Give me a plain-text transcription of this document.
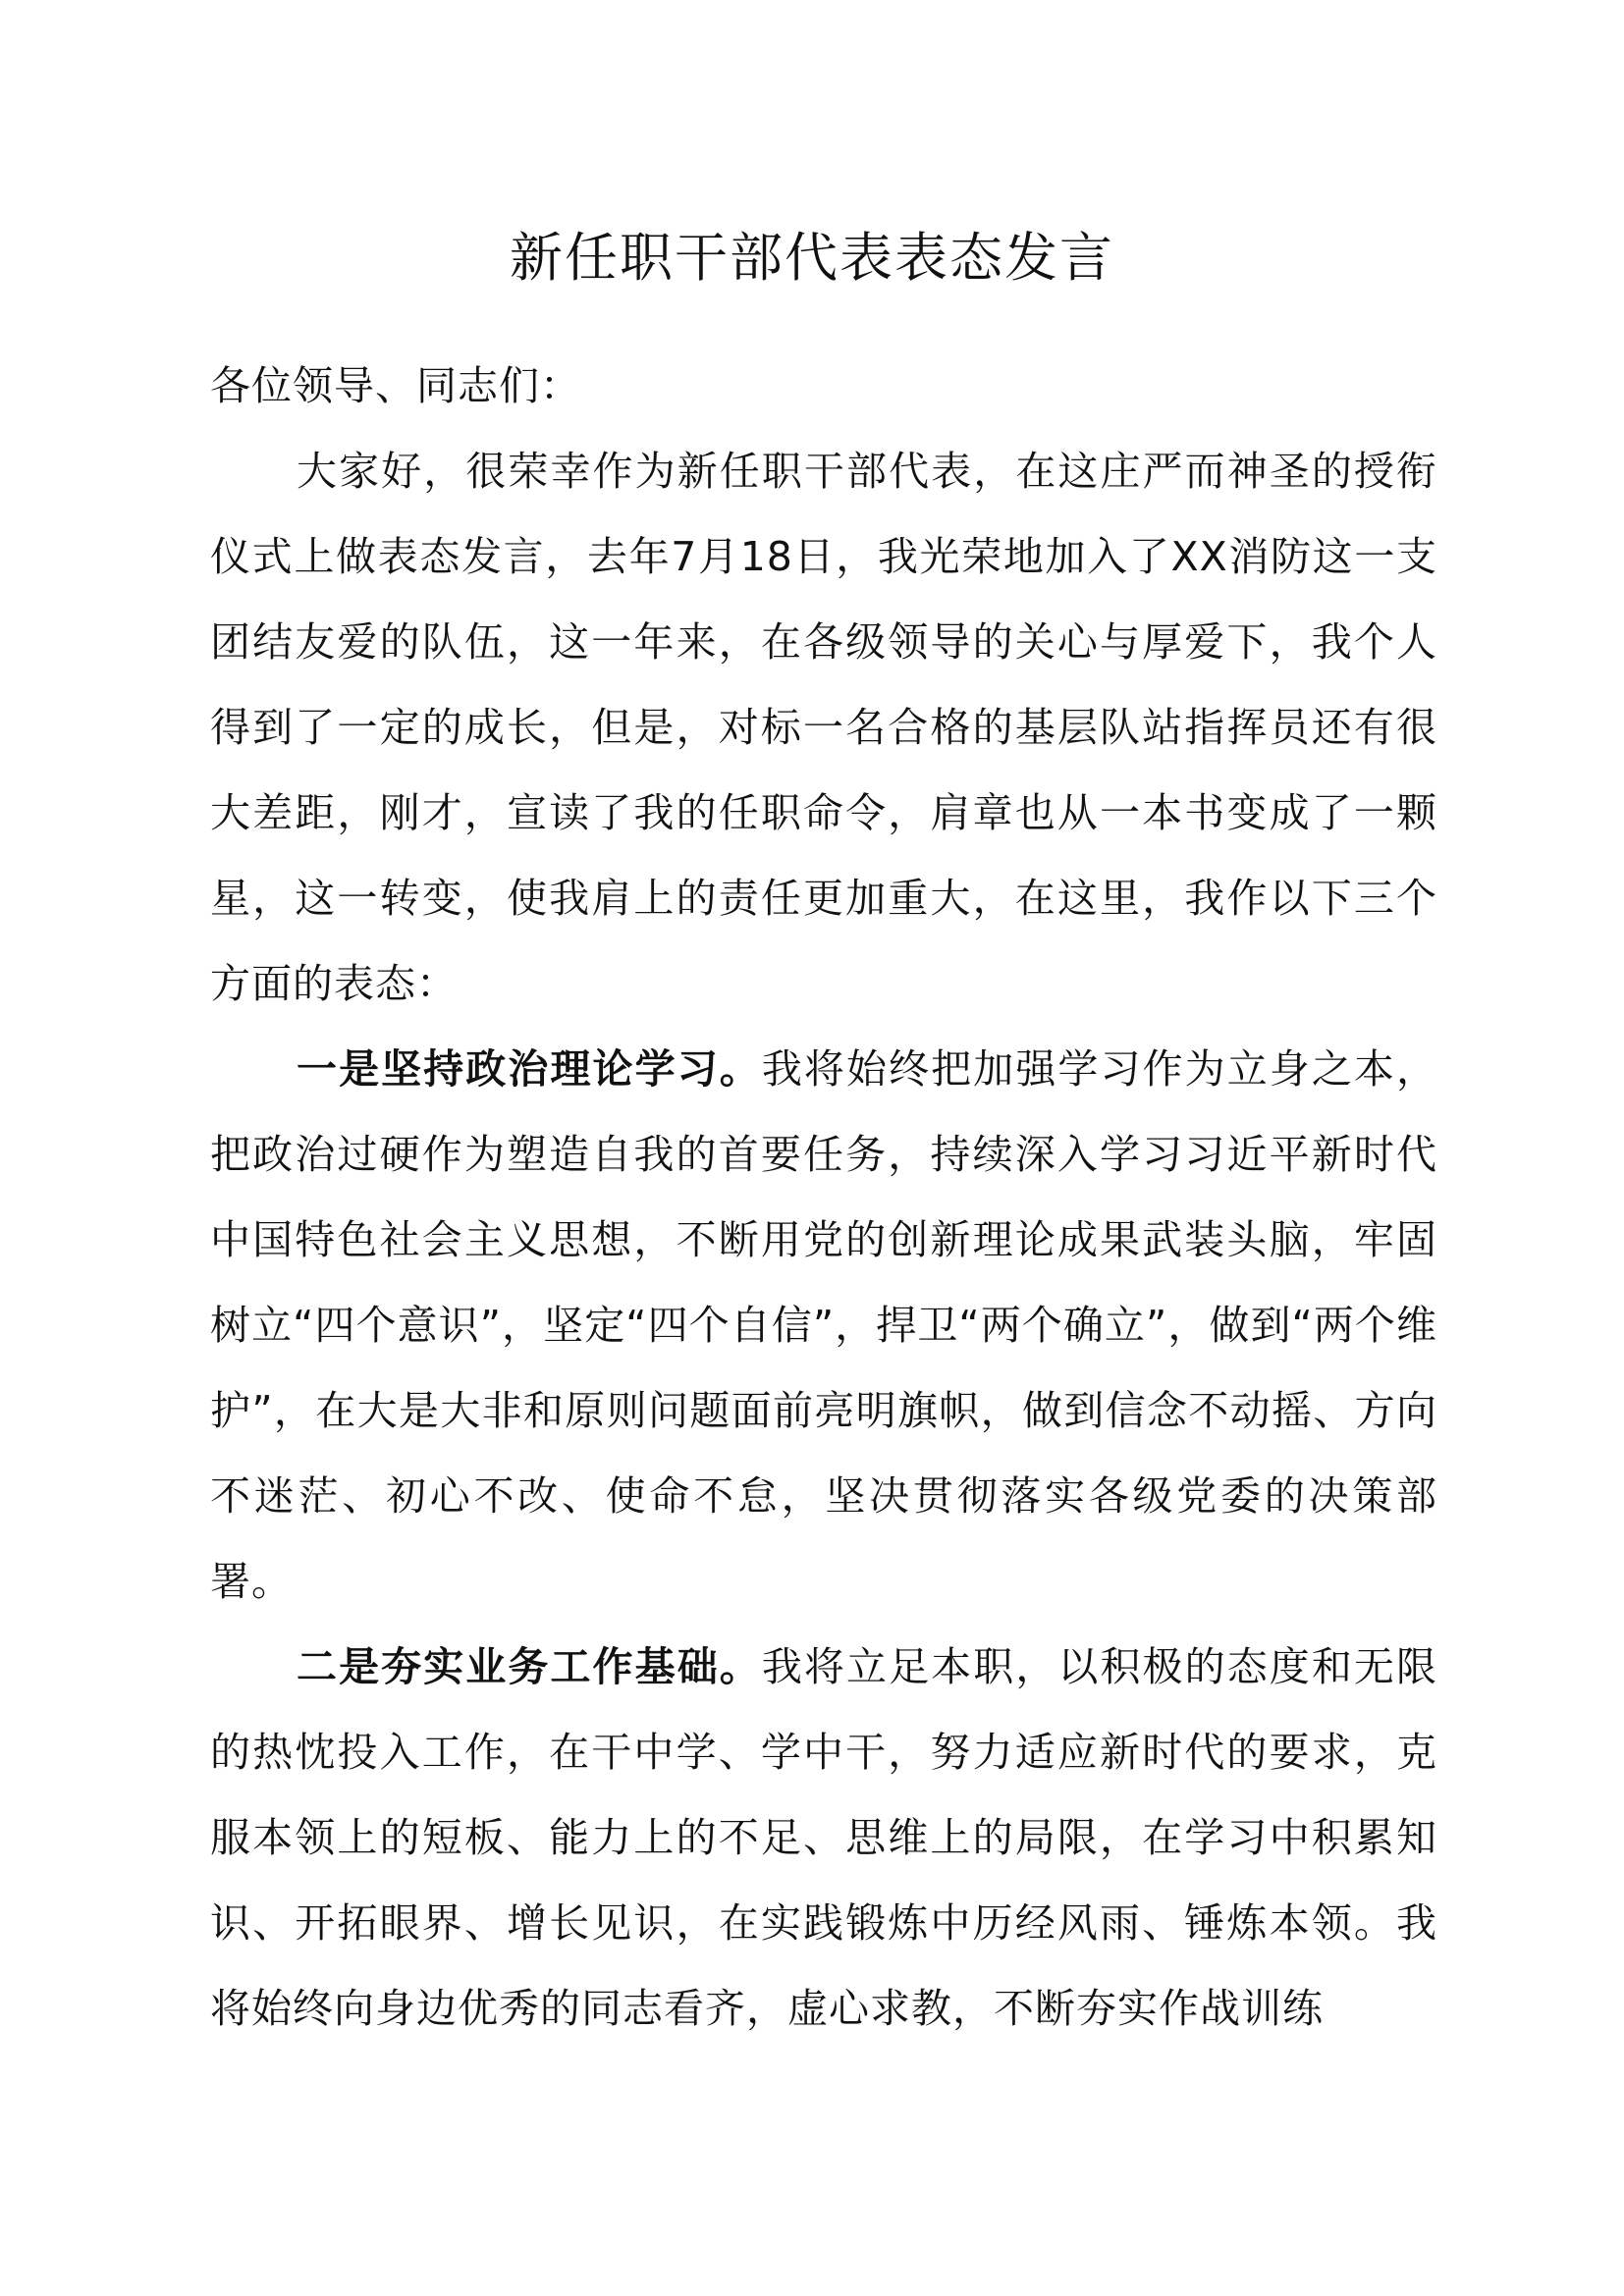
新任职干部代表表态发言

各位领导、同志们：

大家好，很荣幸作为新任职干部代表，在这庄严而神圣的授衔仪式上做表态发言，去年7月18日，我光荣地加入了XX消防这一支团结友爱的队伍，这一年来，在各级领导的关心与厚爱下，我个人得到了一定的成长，但是，对标一名合格的基层队站指挥员还有很大差距，刚才，宣读了我的任职命令，肩章也从一本书变成了一颗星，这一转变，使我肩上的责任更加重大，在这里，我作以下三个方面的表态：

一是坚持政治理论学习。我将始终把加强学习作为立身之本，把政治过硬作为塑造自我的首要任务，持续深入学习习近平新时代中国特色社会主义思想，不断用党的创新理论成果武装头脑，牢固树立“四个意识”，坚定“四个自信”，捍卫“两个确立”，做到“两个维护”，在大是大非和原则问题面前亮明旗帜，做到信念不动摇、方向不迷茫、初心不改、使命不怠，坚决贯彻落实各级党委的决策部署。

二是夯实业务工作基础。我将立足本职，以积极的态度和无限的热忱投入工作，在干中学、学中干，努力适应新时代的要求，克服本领上的短板、能力上的不足、思维上的局限，在学习中积累知识、开拓眼界、增长见识，在实践锻炼中历经风雨、锤炼本领。我将始终向身边优秀的同志看齐，虚心求教，不断夯实作战训练
